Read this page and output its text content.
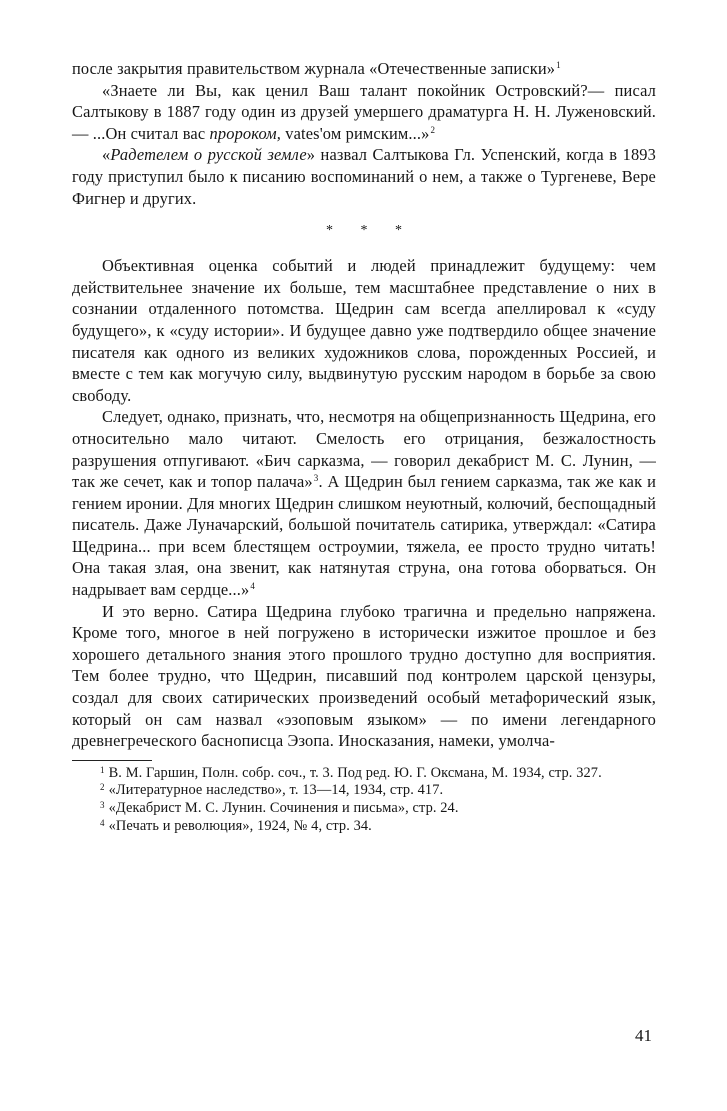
после закрытия правительством журнала «Отечественные записки»$^1$

«Знаете ли Вы, как ценил Ваш талант покойник Островский?— писал Салтыкову в 1887 году один из друзей умершего драматурга Н. Н. Луженовский. — ...Он считал вас пророком, vates'ом римским...»$^2$

«Радетелем о русской земле» назвал Салтыкова Гл. Успенский, когда в 1893 году приступил было к писанию воспоминаний о нем, а также о Тургеневе, Вере Фигнер и других.

* * *

Объективная оценка событий и людей принадлежит будущему: чем действительнее значение их больше, тем масштабнее представление о них в сознании отдаленного потомства. Щедрин сам всегда апеллировал к «суду будущего», к «суду истории». И будущее давно уже подтвердило общее значение писателя как одного из великих художников слова, порожденных Россией, и вместе с тем как могучую силу, выдвинутую русским народом в борьбе за свою свободу.

Следует, однако, признать, что, несмотря на общепризнанность Щедрина, его относительно мало читают. Смелость его отрицания, безжалостность разрушения отпугивают. «Бич сарказма, — говорил декабрист М. С. Лунин, — так же сечет, как и топор палача»$^3$. А Щедрин был гением сарказма, так же как и гением иронии. Для многих Щедрин слишком неуютный, колючий, беспощадный писатель. Даже Луначарский, большой почитатель сатирика, утверждал: «Сатира Щедрина... при всем блестящем остроумии, тяжела, ее просто трудно читать! Она такая злая, она звенит, как натянутая струна, она готова оборваться. Он надрывает вам сердце...»$^4$

И это верно. Сатира Щедрина глубоко трагична и предельно напряжена. Кроме того, многое в ней погружено в исторически изжитое прошлое и без хорошего детального знания этого прошлого трудно доступно для восприятия. Тем более трудно, что Щедрин, писавший под контролем царской цензуры, создал для своих сатирических произведений особый метафорический язык, который он сам назвал «эзоповым языком» — по имени легендарного древнегреческого баснописца Эзопа. Иносказания, намеки, умолча-

$^1$ В. М. Гаршин, Полн. собр. соч., т. 3. Под ред. Ю. Г. Оксмана, М. 1934, стр. 327.

$^2$ «Литературное наследство», т. 13—14, 1934, стр. 417.

$^3$ «Декабрист М. С. Лунин. Сочинения и письма», стр. 24.

$^4$ «Печать и революция», 1924, № 4, стр. 34.

41
